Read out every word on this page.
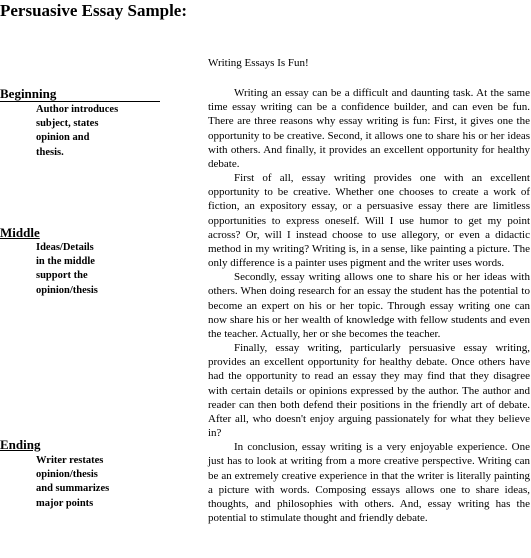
Persuasive Essay Sample:
Writing Essays Is Fun!
Beginning
Author introduces
subject, states
opinion and
thesis.
Middle
Ideas/Details
in the middle
support the
opinion/thesis
Ending
Writer restates
opinion/thesis
and summarizes
major points

Writing an essay can be a difficult and daunting task. At the same time essay writing can be a confidence builder, and can even be fun. There are three reasons why essay writing is fun: First, it gives one the opportunity to be creative. Second, it allows one to share his or her ideas with others. And finally, it provides an excellent opportunity for healthy debate.

First of all, essay writing provides one with an excellent opportunity to be creative. Whether one chooses to create a work of fiction, an expository essay, or a persuasive essay there are limitless opportunities to express oneself. Will I use humor to get my point across? Or, will I instead choose to use allegory, or even a didactic method in my writing? Writing is, in a sense, like painting a picture. The only difference is a painter uses pigment and the writer uses words.

Secondly, essay writing allows one to share his or her ideas with others. When doing research for an essay the student has the potential to become an expert on his or her topic. Through essay writing one can now share his or her wealth of knowledge with fellow students and even the teacher. Actually, her or she becomes the teacher.

Finally, essay writing, particularly persuasive essay writing, provides an excellent opportunity for healthy debate. Once others have had the opportunity to read an essay they may find that they disagree with certain details or opinions expressed by the author. The author and reader can then both defend their positions in the friendly art of debate. After all, who doesn't enjoy arguing passionately for what they believe in?

In conclusion, essay writing is a very enjoyable experience. One just has to look at writing from a more creative perspective. Writing can be an extremely creative experience in that the writer is literally painting a picture with words. Composing essays allows one to share ideas, thoughts, and philosophies with others. And, essay writing has the potential to stimulate thought and friendly debate.
